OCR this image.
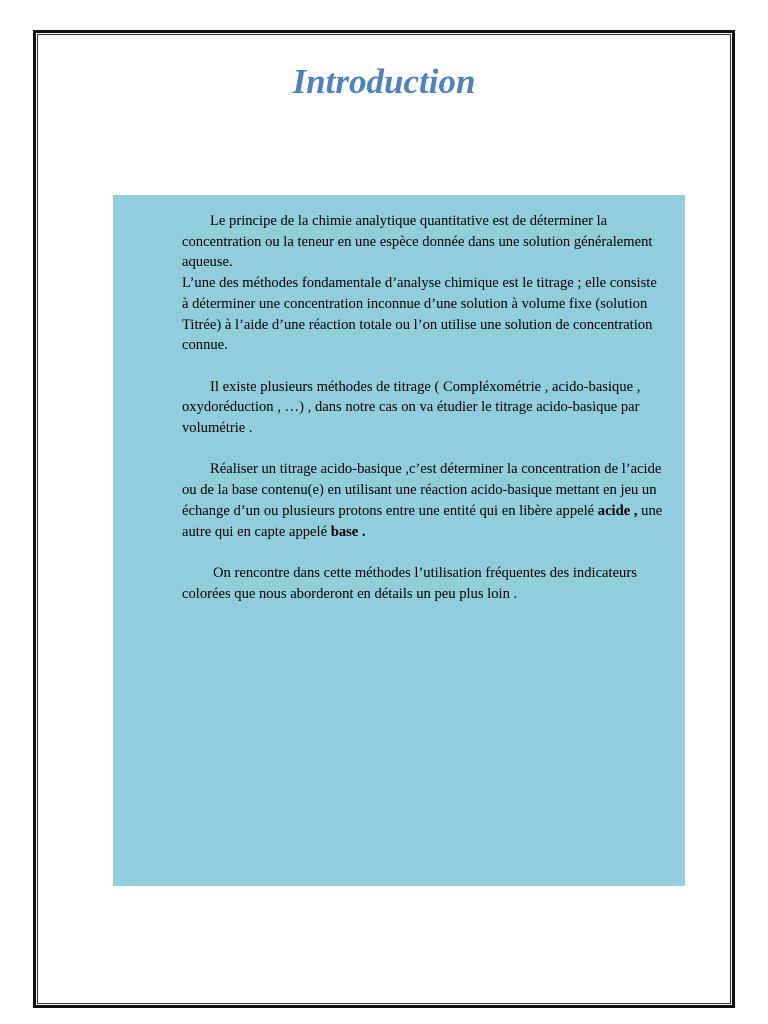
Introduction

Le principe de la chimie analytique quantitative est de déterminer la concentration ou la teneur en une espèce donnée dans une solution généralement aqueuse.

L’une des méthodes fondamentale d’analyse chimique est le titrage ; elle consiste à déterminer une concentration inconnue d’une solution à volume fixe (solution Titrée) à l’aide d’une réaction totale ou l’on utilise une solution de concentration connue.

Il existe plusieurs méthodes de titrage ( Compléxométrie , acido-basique , oxydoréduction , …) , dans notre cas on va étudier le titrage acido-basique par volumétrie .

Réaliser un titrage acido-basique ,c’est déterminer la concentration de l’acide ou de la base contenu(e) en utilisant une réaction acido-basique mettant en jeu un échange d’un ou plusieurs protons entre une entité qui en libère appelé acide , une autre qui en capte appelé base .

On rencontre dans cette méthodes l’utilisation fréquentes des indicateurs colorées que nous aborderont en détails un peu plus loin .
